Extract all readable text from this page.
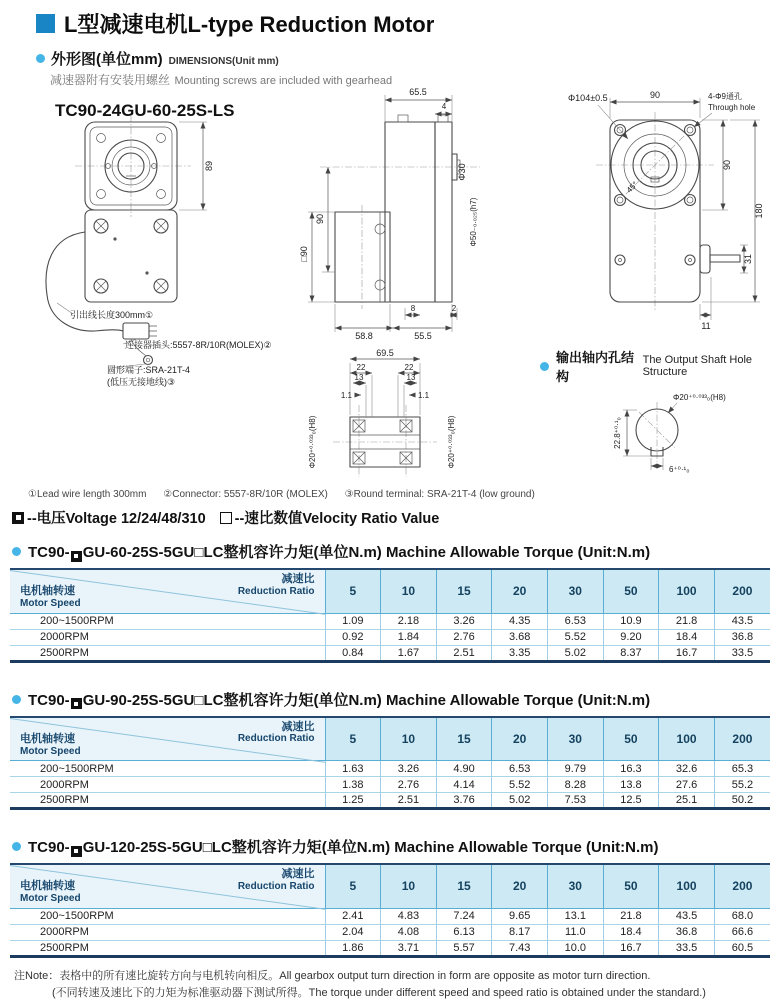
L型减速电机L-type Reduction Motor
外形图(单位mm) DIMENSIONS(Unit mm)
减速器附有安装用螺丝 Mounting screws are included with gearhead
TC90-24GU-60-25S-LS
89
引出线长度300mm①
连接器插头:5557-8R/10R(MOLEX)②
圆形端子:SRA-21T-4
(低压无接地线)③
65.5
4
Φ30
Φ50₋₀.₀₂₅(h7)
90
□90
8	2
58.8	55.5
69.5
22	22
13	13
1.1	1.1
Φ20⁺⁰·⁰³³₀(H8)	Φ20⁺⁰·⁰³³₀(H8)
45°
Φ104±0.5	90	4-Φ9通孔
Through hole
90
180
31
11
输出轴内孔结构
The Output Shaft Hole Structure
Φ20⁺⁰·⁰³³₀(H8)
22.8⁺⁰·¹₀
6⁺⁰·¹₀
①Lead wire length 300mm ②Connector: 5557-8R/10R (MOLEX) ③Round terminal: SRA-21T-4 (low ground)
--电压Voltage 12/24/48/310 --速比数值Velocity Ratio Value
TC90- GU-60-25S-5GU□LC整机容许力矩(单位N.m) Machine Allowable Torque (Unit:N.m)
减速比
Reduction Ratio
电机轴转速
Motor Speed	5	10	15	20	30	50	100	200
200~1500RPM	1.09	2.18	3.26	4.35	6.53	10.9	21.8	43.5
2000RPM	0.92	1.84	2.76	3.68	5.52	9.20	18.4	36.8
2500RPM	0.84	1.67	2.51	3.35	5.02	8.37	16.7	33.5
TC90- GU-90-25S-5GU□LC整机容许力矩(单位N.m) Machine Allowable Torque (Unit:N.m)
减速比
Reduction Ratio
电机轴转速
Motor Speed	5	10	15	20	30	50	100	200
200~1500RPM	1.63	3.26	4.90	6.53	9.79	16.3	32.6	65.3
2000RPM	1.38	2.76	4.14	5.52	8.28	13.8	27.6	55.2
2500RPM	1.25	2.51	3.76	5.02	7.53	12.5	25.1	50.2
TC90- GU-120-25S-5GU□LC整机容许力矩(单位N.m) Machine Allowable Torque (Unit:N.m)
减速比
Reduction Ratio
电机轴转速
Motor Speed	5	10	15	20	30	50	100	200
200~1500RPM	2.41	4.83	7.24	9.65	13.1	21.8	43.5	68.0
2000RPM	2.04	4.08	6.13	8.17	11.0	18.4	36.8	66.6
2500RPM	1.86	3.71	5.57	7.43	10.0	16.7	33.5	60.5
注Note：表格中的所有速比旋转方向与电机转向相反。All gearbox output turn direction in form are opposite as motor turn direction.
(不同转速及速比下的力矩为标准驱动器下测试所得。The torque under different speed and speed ratio is obtained under the standard.)
